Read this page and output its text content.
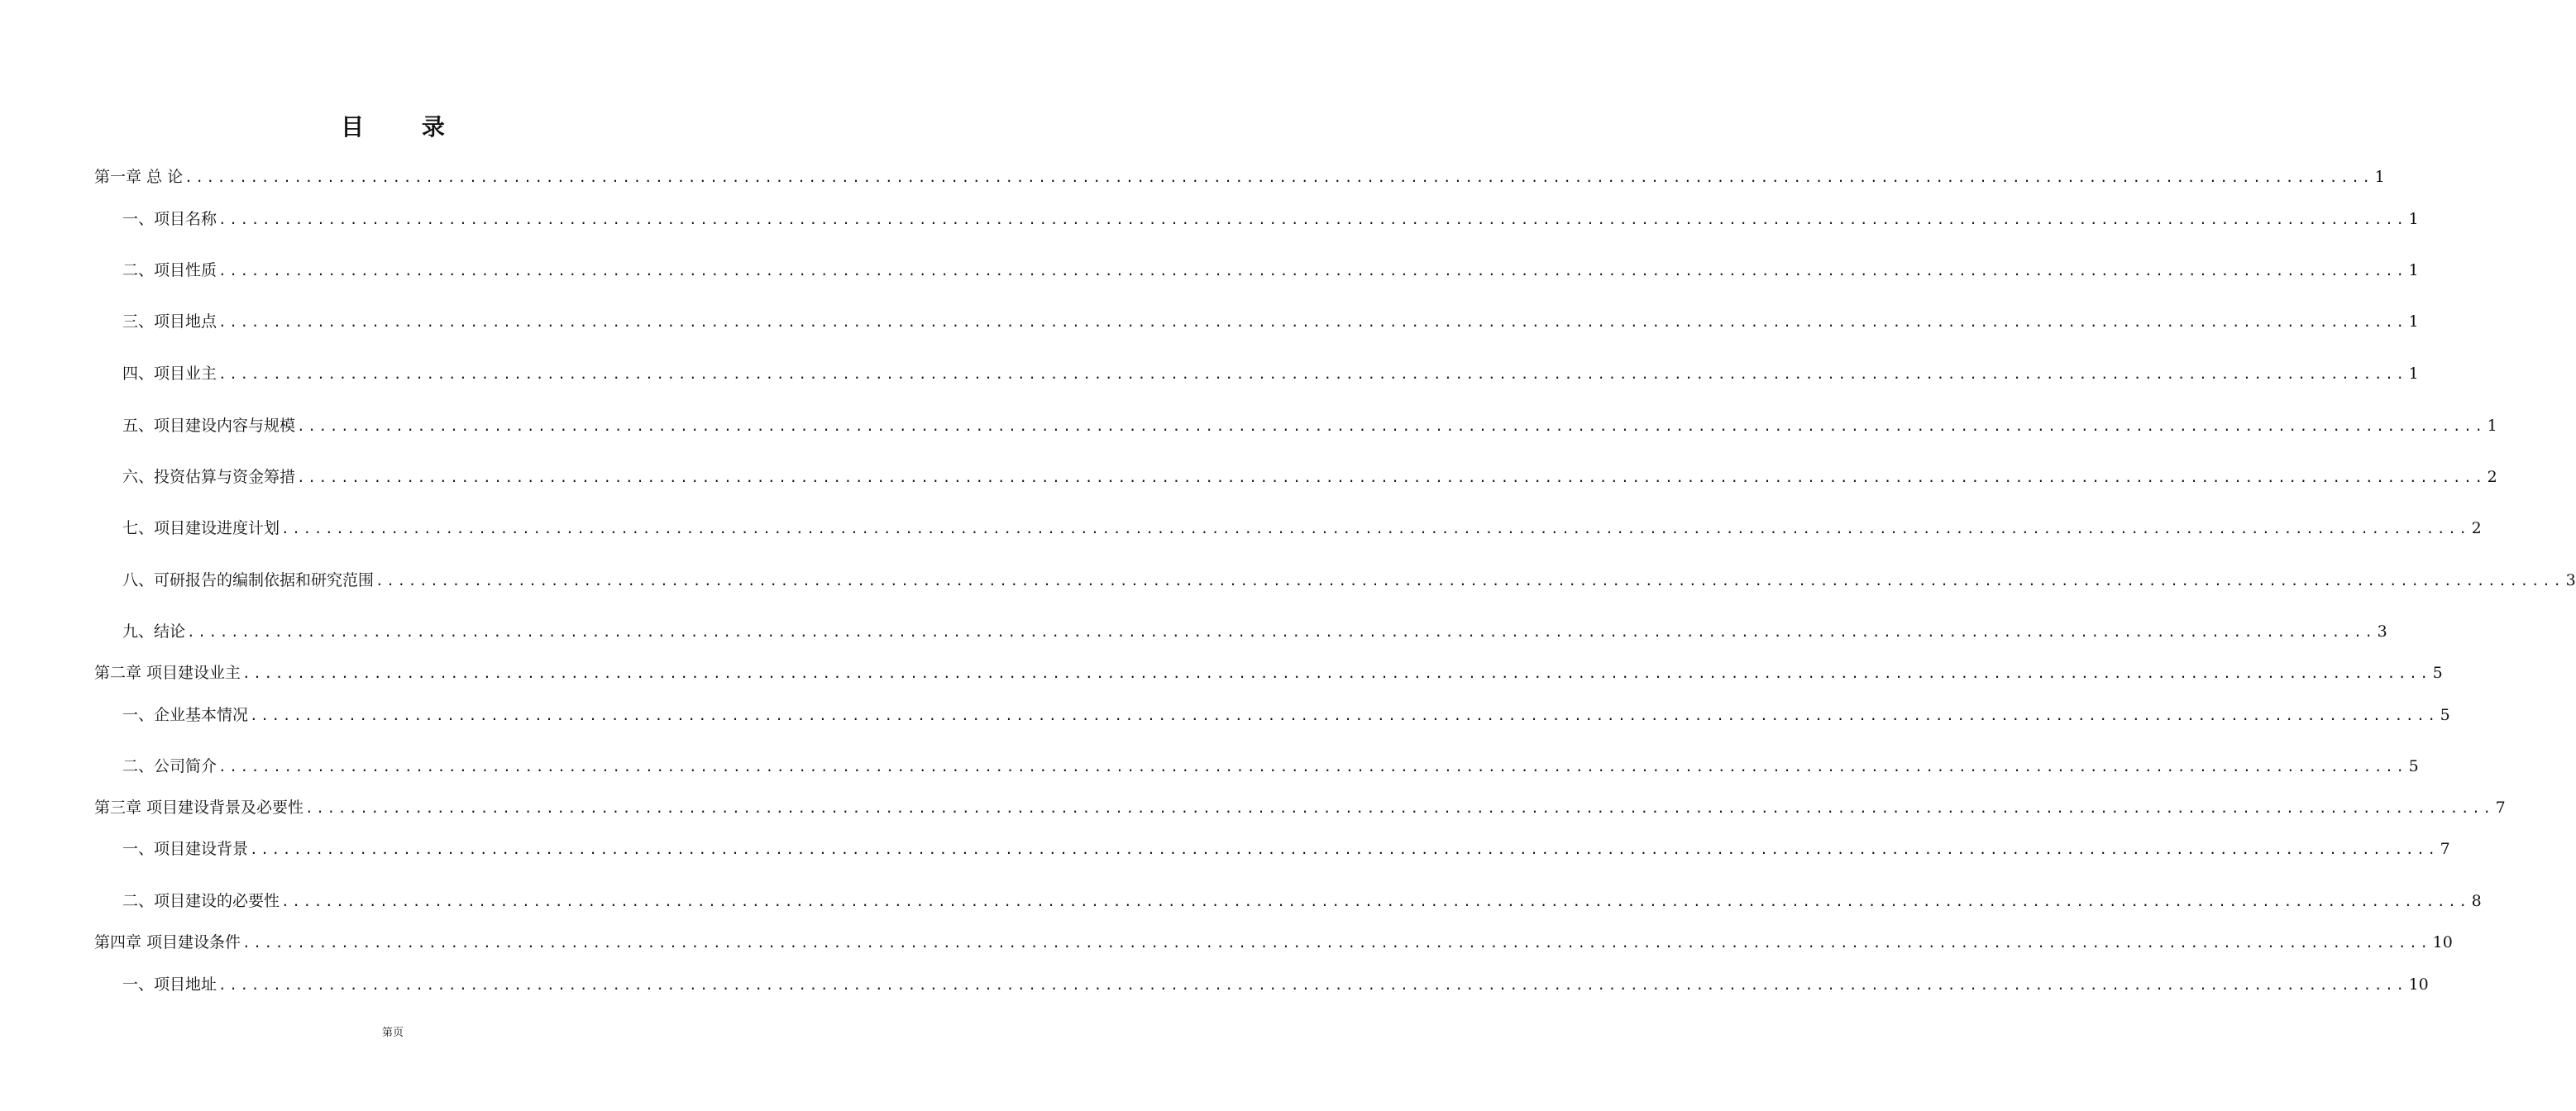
目 录
第一章 总 论 ........................................................................................................................................................................................................ 1
一、项目名称 ........................................................................................................................................................................................................ 1
二、项目性质 ........................................................................................................................................................................................................ 1
三、项目地点 ........................................................................................................................................................................................................ 1
四、项目业主 ........................................................................................................................................................................................................ 1
五、项目建设内容与规模 ........................................................................................................................................................................................................ 1
六、投资估算与资金筹措 ........................................................................................................................................................................................................ 2
七、项目建设进度计划 ........................................................................................................................................................................................................ 2
八、可研报告的编制依据和研究范围 ........................................................................................................................................................................................................ 3
九、结论 ........................................................................................................................................................................................................ 3
第二章 项目建设业主 ........................................................................................................................................................................................................ 5
一、企业基本情况 ........................................................................................................................................................................................................ 5
二、公司简介 ........................................................................................................................................................................................................ 5
第三章 项目建设背景及必要性 ........................................................................................................................................................................................................ 7
一、项目建设背景 ........................................................................................................................................................................................................ 7
二、项目建设的必要性 ........................................................................................................................................................................................................ 8
第四章 项目建设条件 ........................................................................................................................................................................................................ 10
一、项目地址 ........................................................................................................................................................................................................ 10
第页
